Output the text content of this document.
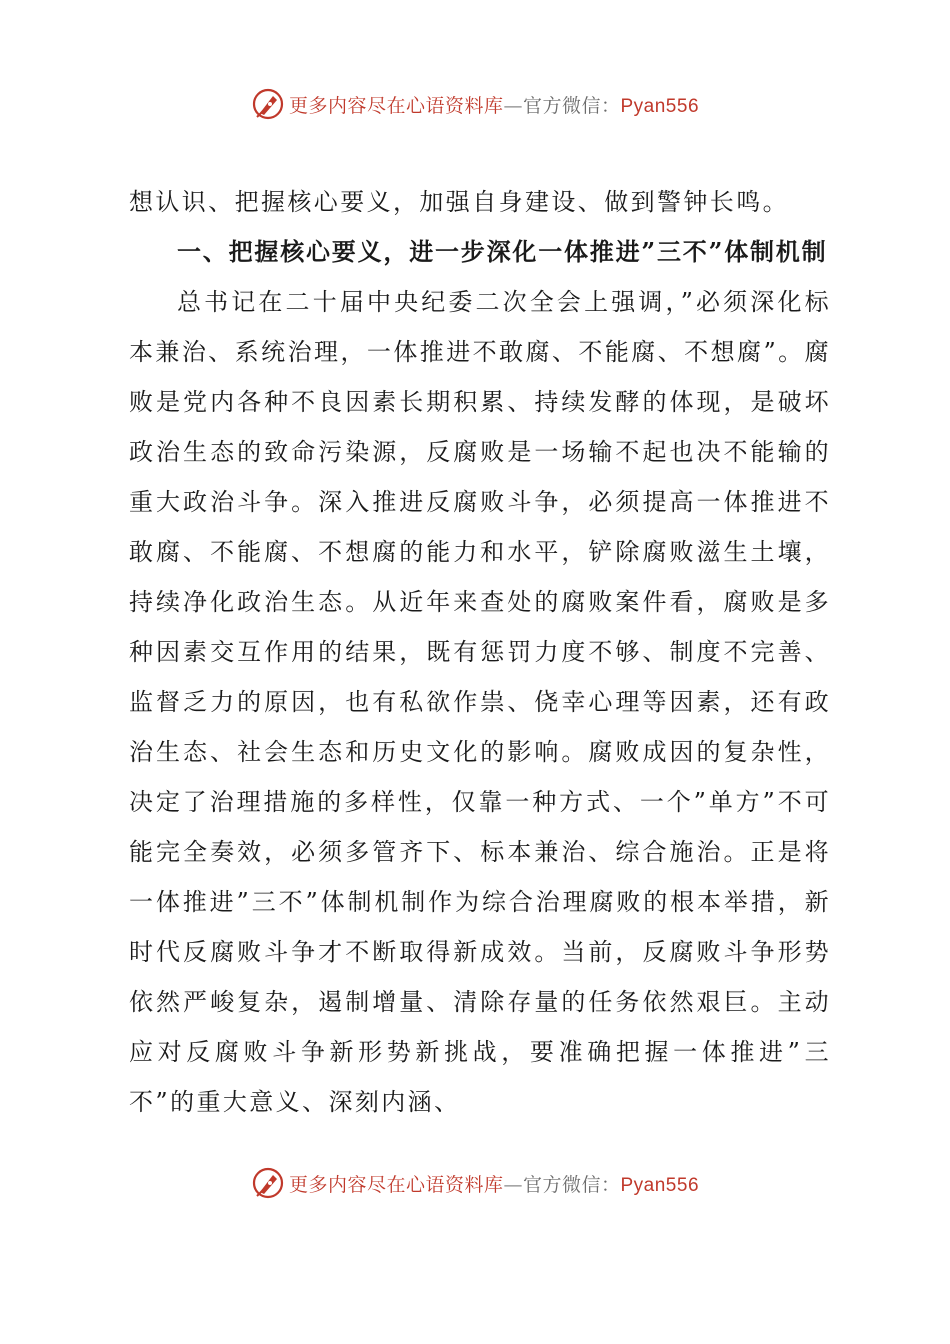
更多内容尽在心语资料库—官方微信：Pyan556

想认识、把握核心要义，加强自身建设、做到警钟长鸣。

一、把握核心要义，进一步深化一体推进”三不”体制机制

总书记在二十届中央纪委二次全会上强调，”必须深化标本兼治、系统治理，一体推进不敢腐、不能腐、不想腐”。腐败是党内各种不良因素长期积累、持续发酵的体现，是破坏政治生态的致命污染源，反腐败是一场输不起也决不能输的重大政治斗争。深入推进反腐败斗争，必须提高一体推进不敢腐、不能腐、不想腐的能力和水平，铲除腐败滋生土壤，持续净化政治生态。从近年来查处的腐败案件看，腐败是多种因素交互作用的结果，既有惩罚力度不够、制度不完善、监督乏力的原因，也有私欲作祟、侥幸心理等因素，还有政治生态、社会生态和历史文化的影响。腐败成因的复杂性，决定了治理措施的多样性，仅靠一种方式、一个”单方”不可能完全奏效，必须多管齐下、标本兼治、综合施治。正是将一体推进”三不”体制机制作为综合治理腐败的根本举措，新时代反腐败斗争才不断取得新成效。当前，反腐败斗争形势依然严峻复杂，遏制增量、清除存量的任务依然艰巨。主动应对反腐败斗争新形势新挑战，要准确把握一体推进”三不”的重大意义、深刻内涵、

更多内容尽在心语资料库—官方微信：Pyan556
